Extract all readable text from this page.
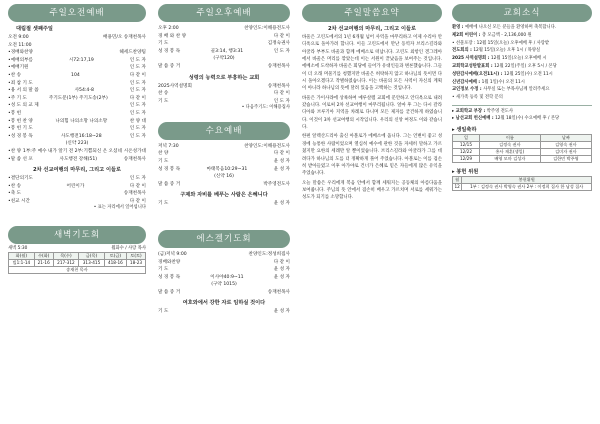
주일오전예배
대림절 셋째주일
오전 9:00	배용민/오 송재천목사
오전 11:00
•경배와찬양	헤세드찬양팀
•예배의부름	시72:17,19	인 도 자
•예배기원	인 도 자
•찬 송	104	다 같 이
•죄 참 기 도	인 도 자
•용 서 의 말 씀	사54:4-8	인 도 자
•주 기 도	주기도문(1부) 주기도송(2부)	다 같 이
•성 도 의 교 제	인 도 자
•봉 헌	인 도 자
•봉 헌 찬 양	나의힘 나의소망 나의소망	찬 양 대
•봉 헌 기 도	인 도 자
•성 경 봉 독	사도행전16:18~28	인 도 자
(신약 223)
•찬 양 1부:주 예수 내가 알기 전 2부:기쁨되신 온 오셨네 시온성가대
•말 씀 선 포	사도행전 강해(51)	송재천목사
2차 선교여행의 마무리, 그리고 이들로
•결단의기도	인 도 자
•찬 송	어린이가	다 같 이
•축 도	송재천목사
•친교 시간	다 같 이
• 표는 자리에서 일어섭니다
새벽기도회
새벽 5:30	월화수 / 사랑 목사
화(월)	수(화)	목(수)	금(목)	토(금)	토(토)
빌1:1-14	21-16	217-312	313-415	418-16	18-23
송재천 목사					
주일오후예배
오후 2:00	찬양인도:이해용전도사
경 배 와 찬 양	다 같 이
기 도	김정숙권사
성 경 봉 독	골3:14, 행3:31	인 도 자
(구약120)
말 씀 증 거	송재천목사
성령의 능력으로 부흥하는 교회
2025사역설명회	송재천목사
찬 송	다 같 이
기 도	인 도 자
• 다음주기도: 이해용집사
수요예배
저녁 7:30	찬양인도:이해용전도사
찬 양	다 같 이
기 도	윤 성 자
성 경 봉 독	마태복음10:29~31	윤 성 자
(신약 16)
말 씀 증 거	박주영전도사
구제와 자비를 베푸는 사람은 은혜니다
기 도	윤 성 자
에스겔기도회
(금)저녁 9:00	찬양인도:정성희집사
경배와찬양	다 같 이
기 도	윤 성 자
성 경 봉 독	이사야40:9~11	윤 성 자
(구약 1015)
말 씀 증 거	송재천목사
여호와에서 강한 자로 임하실 것이다
기 도	윤 성 자
주일말씀요약
2차 선교여행의 마무리, 그리고 이들로
바울은 고린도에서의 1년 6개월 넘어 사역을 마무리하고 이제 수리아 안디옥으로 돌아가려 합니다. 이들 고린도에서 만난 동역자 브리스길라와 아굴라 부부도 바울과 함께 에베소로 떠납니다. 고린도 외항인 겐그레아에서 바울은 머리를 깎았는데 이는 서원이 끝났음을 보여주는 것입니다. 에베소에 도착하자 바울은 회당에 들어가 유대인들과 변론했습니다. 그들이 더 오래 머물기를 청했지만 바울은 허락하지 않고 하나님의 뜻이면 다시 돌아오겠다고 작별하였습니다. 이는 바울의 모든 사역이 자신의 계획이 아니라 하나님의 뜻에 달려 있음을 고백하는 것입니다.
바울은 가이사랴에 상륙하여 예루살렘 교회에 문안하고 안디옥으로 내려갔습니다. 이로써 2차 선교여행이 마무리됩니다. 얼마 후 그는 다시 갈라디아와 브루기아 지역을 차례로 다니며 모든 제자를 굳건하게 하였습니다. 이것이 3차 선교여행의 시작입니다. 우리의 신앙 여정도 이와 같습니다.
한편 알렉산드리아 출신 아볼로가 에베소에 옵니다. 그는 언변이 좋고 성경에 능통한 사람이었으며 열심히 예수에 관한 것을 자세히 말하고 가르쳤지만 요한의 세례만 알 뿐이었습니다. 브리스길라와 아굴라가 그를 데려다가 하나님의 도를 더 정확하게 풀어 주었습니다. 아볼로는 이를 겸손히 받아들였고 이후 아가야로 건너가 은혜로 믿은 자들에게 많은 유익을 주었습니다.
오늘 말씀은 우리에게 복음 안에서 함께 세워지는 공동체의 아름다움을 보여줍니다. 주님의 뜻 안에서 겸손히 배우고 가르치며 서로를 세워가는 성도가 되기를 소망합니다.
교회소식
환영 : 예배에 나오신 모든 분들을 환영하며 축복합니다.
제2회 어린이 : 총 모금액 - 2,136,000 원
• 선물포장 : 12월 15일(오늘) 오후예배 후 / 사랑밭
전도회의 : 12월 15일(오늘) 오후 1시 / 목양실
2025 사역설명회 : 12월 15일(오늘) 오후예배 시
교회학교성탄발표회 : 12월 22일(주일) 오후 5시 / 본당
성탄감사예배(오전11시) : 12월 25일(수) 오전 11시
신년감사예배 : 1월 1일(수) 오전 11시
교인정보 수정 : 사무실 또는 부목사님께 알려주세요
• 새가족 등록 및 전학 문의
▸ 교회학교 부장 : 박주영 전도사
▸ 남선교회 헌신예배 : 12월 18일(수) 수요예배 후 / 본당
▸ 생일축하
일	이름	날짜
12/15	김정숙 권사	김영숙 권사
12/22	홍사 재훈(생일)	김미자 권사
12/29	배영 모마 김성자	김한민 박주영
▸ 봉헌 위원
월	봉헌위원
12	1부 : 김정숙 권사 박영숙 권사 2부 : 이정희 집사 한 남성 집사
